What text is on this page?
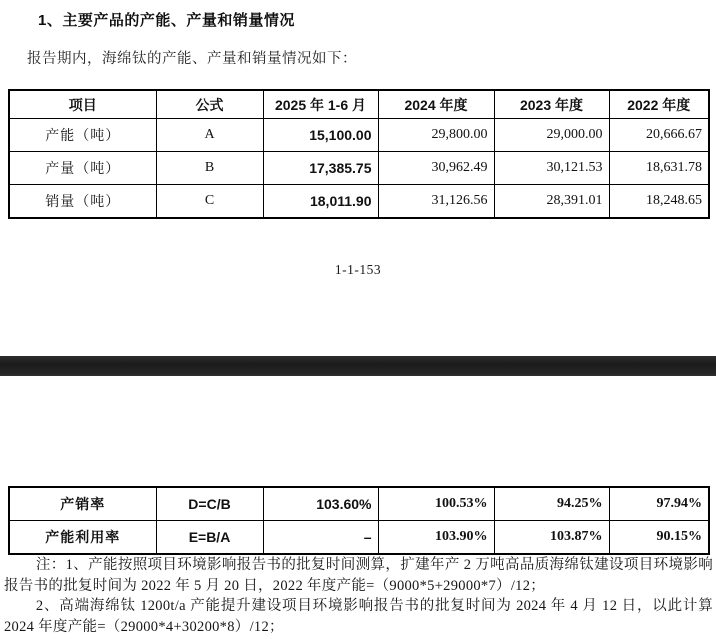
1、主要产品的产能、产量和销量情况
报告期内，海绵钛的产能、产量和销量情况如下：
项目	公式	2025 年 1-6 月	2024 年度	2023 年度	2022 年度
产能（吨）	A	15,100.00	29,800.00	29,000.00	20,666.67
产量（吨）	B	17,385.75	30,962.49	30,121.53	18,631.78
销量（吨）	C	18,011.90	31,126.56	28,391.01	18,248.65
1-1-153
产销率	D=C/B	103.60%	100.53%	94.25%	97.94%
产能利用率	E=B/A	–	103.90%	103.87%	90.15%

注：1、产能按照项目环境影响报告书的批复时间测算，扩建年产 2 万吨高品质海绵钛建设项目环境影响报告书的批复时间为 2022 年 5 月 20 日，2022 年度产能=（9000*5+29000*7）/12；

2、高端海绵钛 1200t/a 产能提升建设项目环境影响报告书的批复时间为 2024 年 4 月 12 日，以此计算 2024 年度产能=（29000*4+30200*8）/12；
